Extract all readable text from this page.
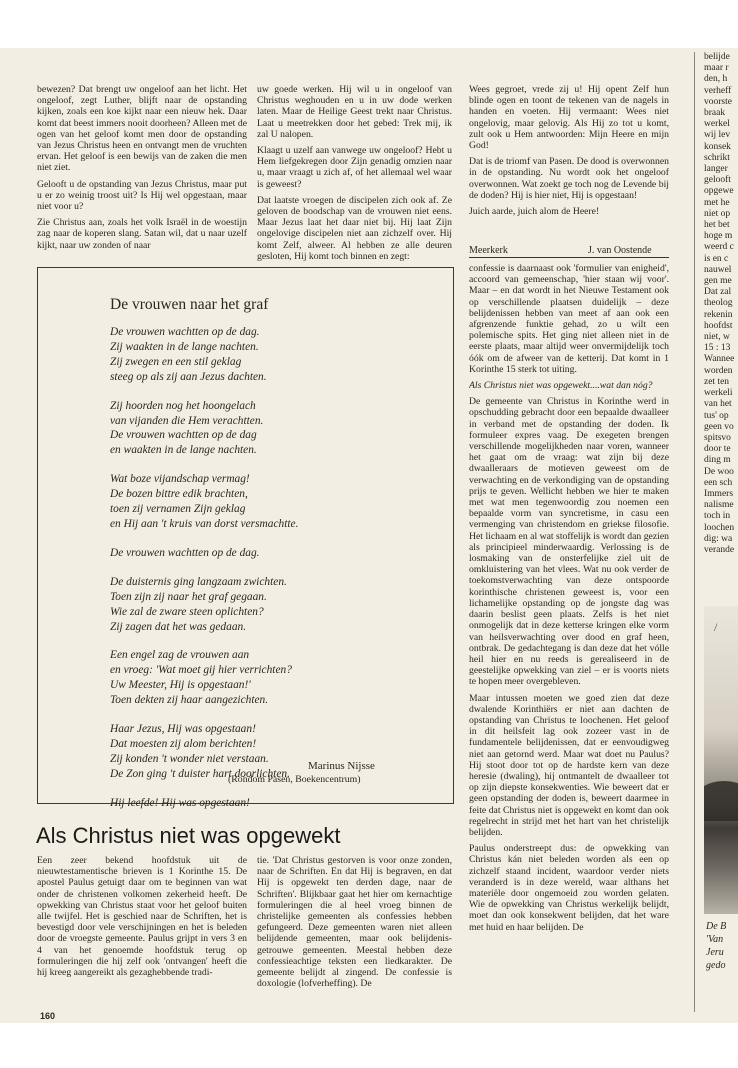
bewezen? Dat brengt uw ongeloof aan het licht. Het ongeloof, zegt Luther, blijft naar de opstanding kijken, zoals een koe kijkt naar een nieuw hek. Daar komt dat beest immers nooit doorheen? Alleen met de ogen van het geloof komt men door de opstanding van Jezus Christus heen en ontvangt men de vruchten ervan. Het geloof is een bewijs van de zaken die men niet ziet.

Gelooft u de opstanding van Jezus Christus, maar put u er zo weinig troost uit? Is Hij wel opgestaan, maar niet voor u?

Zie Christus aan, zoals het volk Israël in de woestijn zag naar de koperen slang. Satan wil, dat u naar uzelf kijkt, naar uw zonden of naar

uw goede werken. Hij wil u in ongeloof van Christus weghouden en u in uw dode werken laten. Maar de Heilige Geest trekt naar Christus. Laat u meetrekken door het gebed: Trek mij, ik zal U nalopen.

Klaagt u uzelf aan vanwege uw ongeloof? Hebt u Hem liefgekregen door Zijn genadig omzien naar u, maar vraagt u zich af, of het allemaal wel waar is geweest?

Dat laatste vroegen de discipelen zich ook af. Ze geloven de boodschap van de vrouwen niet eens. Maar Jezus laat het daar niet bij. Hij laat Zijn ongelovige discipelen niet aan zichzelf over. Hij komt Zelf, alweer. Al hebben ze alle deuren gesloten, Hij komt toch binnen en zegt:

Wees gegroet, vrede zij u! Hij opent Zelf hun blinde ogen en toont de tekenen van de nagels in handen en voeten. Hij vermaant: Wees niet ongelovig, maar gelovig. Als Hij zo tot u komt, zult ook u Hem antwoorden: Mijn Heere en mijn God!

Dat is de triomf van Pasen. De dood is overwonnen in de opstanding. Nu wordt ook het ongeloof overwonnen. Wat zoekt ge toch nog de Levende bij de doden? Hij is hier niet, Hij is opgestaan!

Juich aarde, juich alom de Heere!

Meerkerk	J. van Oostende
De vrouwen naar het graf
De vrouwen wachtten op de dag.
Zij waakten in de lange nachten.
Zij zwegen en een stil geklag
steeg op als zij aan Jezus dachten.
Zij hoorden nog het hoongelach
van vijanden die Hem verachtten.
De vrouwen wachtten op de dag
en waakten in de lange nachten.
Wat boze vijandschap vermag!
De bozen bittre edik brachten,
toen zij vernamen Zijn geklag
en Hij aan 't kruis van dorst versmachtte.
De vrouwen wachtten op de dag.
De duisternis ging langzaam zwichten.
Toen zijn zij naar het graf gegaan.
Wie zal de zware steen oplichten?
Zij zagen dat het was gedaan.
Een engel zag de vrouwen aan
en vroeg: 'Wat moet gij hier verrichten?
Uw Meester, Hij is opgestaan!'
Toen dekten zij haar aangezichten.
Haar Jezus, Hij was opgestaan!
Dat moesten zij alom berichten!
Zij konden 't wonder niet verstaan.
De Zon ging 't duister hart doorlichten.
Hij leefde! Hij was opgestaan!
Marinus Nijsse
(Rondom Pasen, Boekencentrum)
Als Christus niet was opgewekt

Een zeer bekend hoofdstuk uit de nieuwtestamentische brieven is 1 Korinthe 15. De apostel Paulus getuigt daar om te beginnen van wat onder de christenen volkomen zekerheid heeft. De opwekking van Christus staat voor het geloof buiten alle twijfel. Het is geschied naar de Schriften, het is bevestigd door vele verschijningen en het is beleden door de vroegste gemeente. Paulus grijpt in vers 3 en 4 van het genoemde hoofdstuk terug op formuleringen die hij zelf ook 'ontvangen' heeft die hij kreeg aangereikt als gezaghebbende tradi-

tie. 'Dat Christus gestorven is voor onze zonden, naar de Schriften. En dat Hij is begraven, en dat Hij is opgewekt ten derden dage, naar de Schriften'. Blijkbaar gaat het hier om kernachtige formuleringen die al heel vroeg binnen de christelijke gemeenten als confessies hebben gefungeerd. Deze gemeenten waren niet alleen belijdende gemeenten, maar ook belijdenis-getrouwe gemeenten. Meestal hebben deze confessieachtige teksten een liedkarakter. De gemeente belijdt al zingend. De confessie is doxologie (lofverheffing). De

confessie is daarnaast ook 'formulier van enigheid', accoord van gemeenschap, 'hier staan wij voor'. Maar – en dat wordt in het Nieuwe Testament ook op verschillende plaatsen duidelijk – deze belijdenissen hebben van meet af aan ook een afgrenzende funktie gehad, zo u wilt een polemische spits. Het ging niet alleen niet in de eerste plaats, maar altijd weer onvermijdelijk toch óók om de afweer van de ketterij. Dat komt in 1 Korinthe 15 sterk tot uiting.

Als Christus niet was opgewekt....wat dan nóg?

De gemeente van Christus in Korinthe werd in opschudding gebracht door een bepaalde dwaalleer in verband met de opstanding der doden. Ik formuleer expres vaag. De exegeten brengen verschillende mogelijkheden naar voren, wanneer het gaat om de vraag: wat zijn bij deze dwaalleraars de motieven geweest om de verwachting en de verkondiging van de opstanding prijs te geven. Wellicht hebben we hier te maken met wat men tegenwoordig zou noemen een bepaalde vorm van syncretisme, in casu een vermenging van christendom en griekse filosofie. Het lichaam en al wat stoffelijk is wordt dan gezien als principieel minderwaardig. Verlossing is de losmaking van de onsterfelijke ziel uit de omkluistering van het vlees. Wat nu ook verder de toekomstverwachting van deze ontspoorde korinthische christenen geweest is, voor een lichamelijke opstanding op de jongste dag was daarin beslist geen plaats. Zelfs is het niet onmogelijk dat in deze ketterse kringen elke vorm van heilsverwachting over dood en graf heen, ontbrak. De gedachtegang is dan deze dat het vólle heil hier en nu reeds is gerealiseerd in de geestelijke opwekking van ziel – er is voorts niets te hopen meer overgebleven.

Maar intussen moeten we goed zien dat deze dwalende Korinthiërs er niet aan dachten de opstanding van Christus te loochenen. Het geloof in dit heilsfeit lag ook zozeer vast in de fundamentele belijdenissen, dat er eenvoudigweg niet aan getornd werd. Maar wat doet nu Paulus? Hij stoot door tot op de hardste kern van deze heresie (dwaling), hij ontmantelt de dwaalleer tot op zijn diepste konsekwenties. Wie beweert dat er geen opstanding der doden is, beweert daarmee in feite dat Christus niet is opgewekt en komt dan ook regelrecht in strijd met het hart van het christelijk belijden.

Paulus onderstreept dus: de opwekking van Christus kán niet beleden worden als een op zichzelf staand incident, waardoor verder niets veranderd is in deze wereld, waar althans het materiële door ongemoeid zou worden gelaten. Wie de opwekking van Christus werkelijk belijdt, moet dan ook konsekwent belijden, dat het ware met huid en haar belijden. De

belijde
maar r
den, h
verheff
voorste
braak
werkel
wij lev
konsek
schrikt
langer
gelooft
opgewe
met he
niet op
het bet
hoge m
weerd c
is en c
nauwel
gen me
Dat zal
theolog
rekenin
hoofdst
niet, w
15 : 13
Wanneе
worden
zet ten
werkeli
van het
tus' op
geen vo
spitsvo
door te
ding m
De woo
een sch
Immers
nalisme
toch in
loochen
dig: wa
verande
/
De B
'Van
Jeru
gedo
160
